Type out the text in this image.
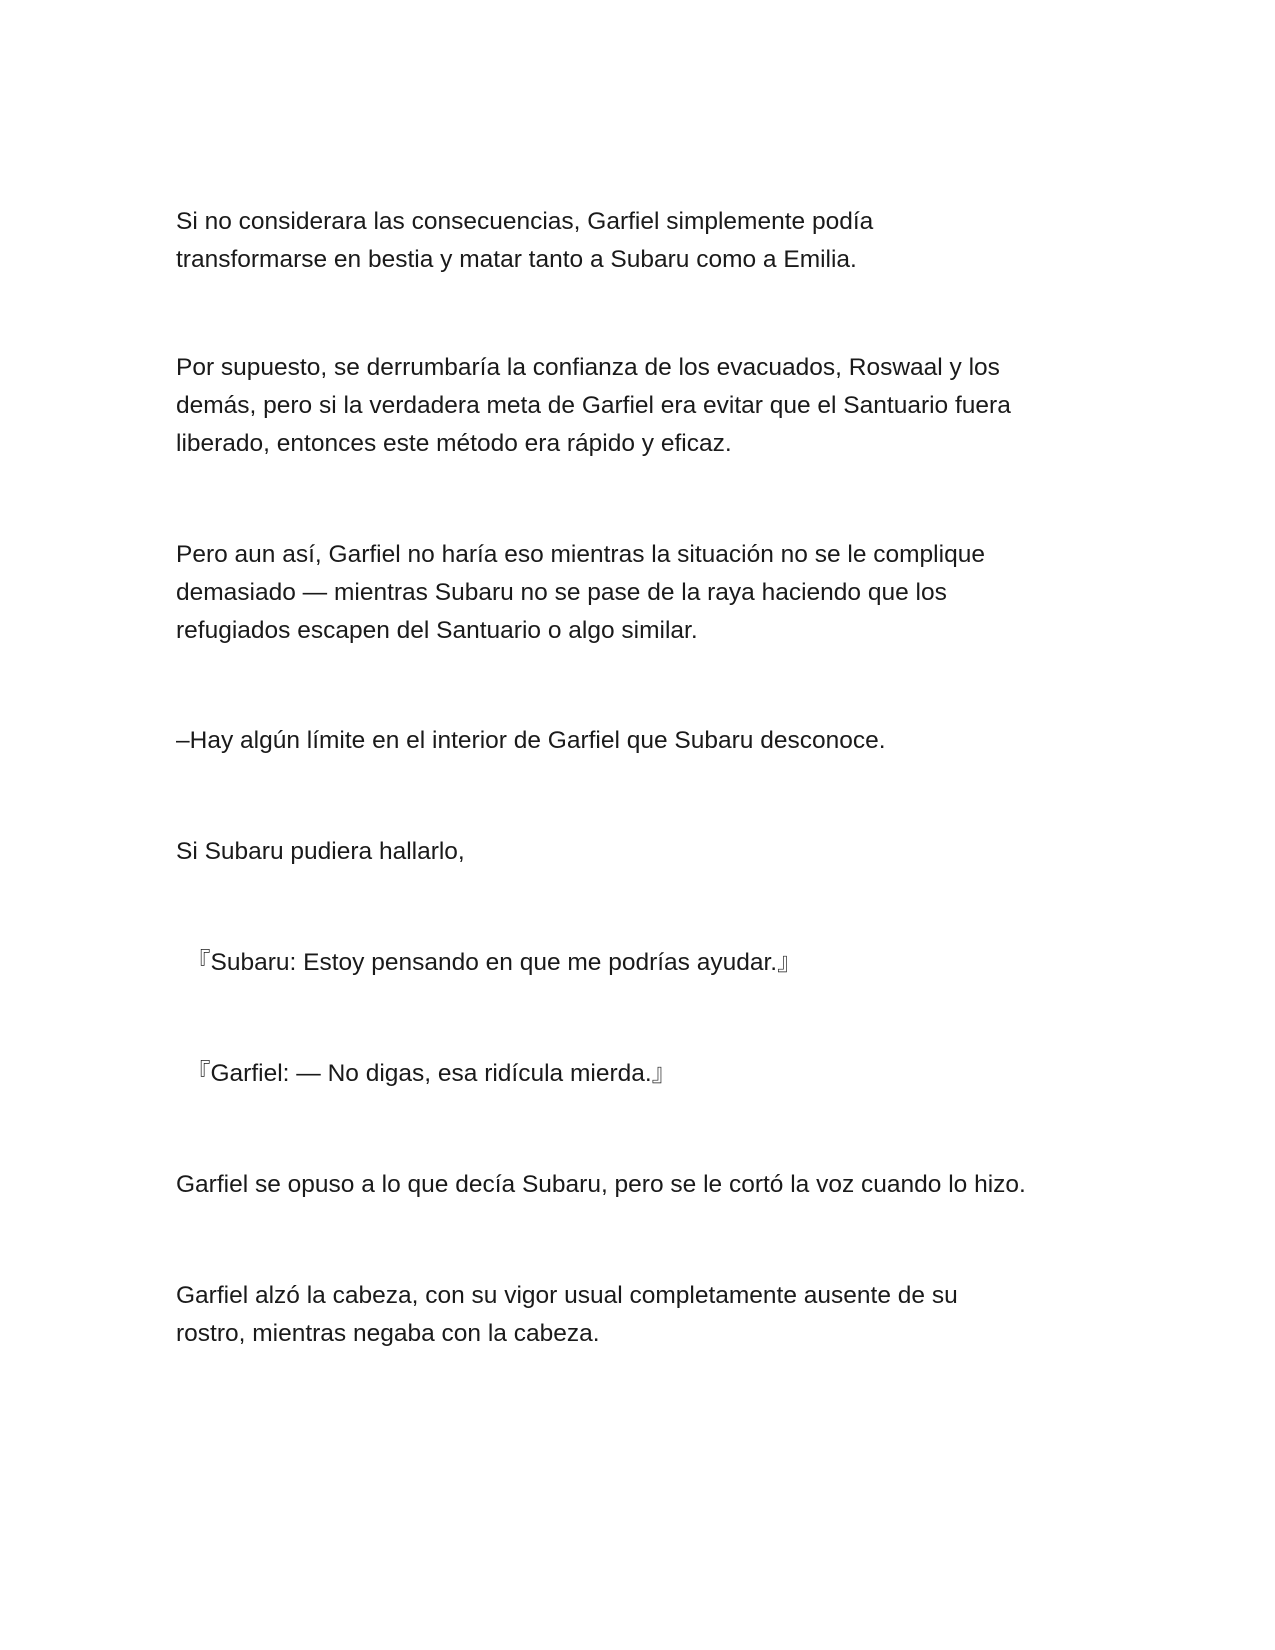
Si no considerara las consecuencias, Garfiel simplemente podía
transformarse en bestia y matar tanto a Subaru como a Emilia.

Por supuesto, se derrumbaría la confianza de los evacuados, Roswaal y los
demás, pero si la verdadera meta de Garfiel era evitar que el Santuario fuera
liberado, entonces este método era rápido y eficaz.

Pero aun así, Garfiel no haría eso mientras la situación no se le complique
demasiado — mientras Subaru no se pase de la raya haciendo que los
refugiados escapen del Santuario o algo similar.

–Hay algún límite en el interior de Garfiel que Subaru desconoce.

Si Subaru pudiera hallarlo,

『Subaru: Estoy pensando en que me podrías ayudar.』

『Garfiel: — No digas, esa ridícula mierda.』

Garfiel se opuso a lo que decía Subaru, pero se le cortó la voz cuando lo hizo.

Garfiel alzó la cabeza, con su vigor usual completamente ausente de su
rostro, mientras negaba con la cabeza.
